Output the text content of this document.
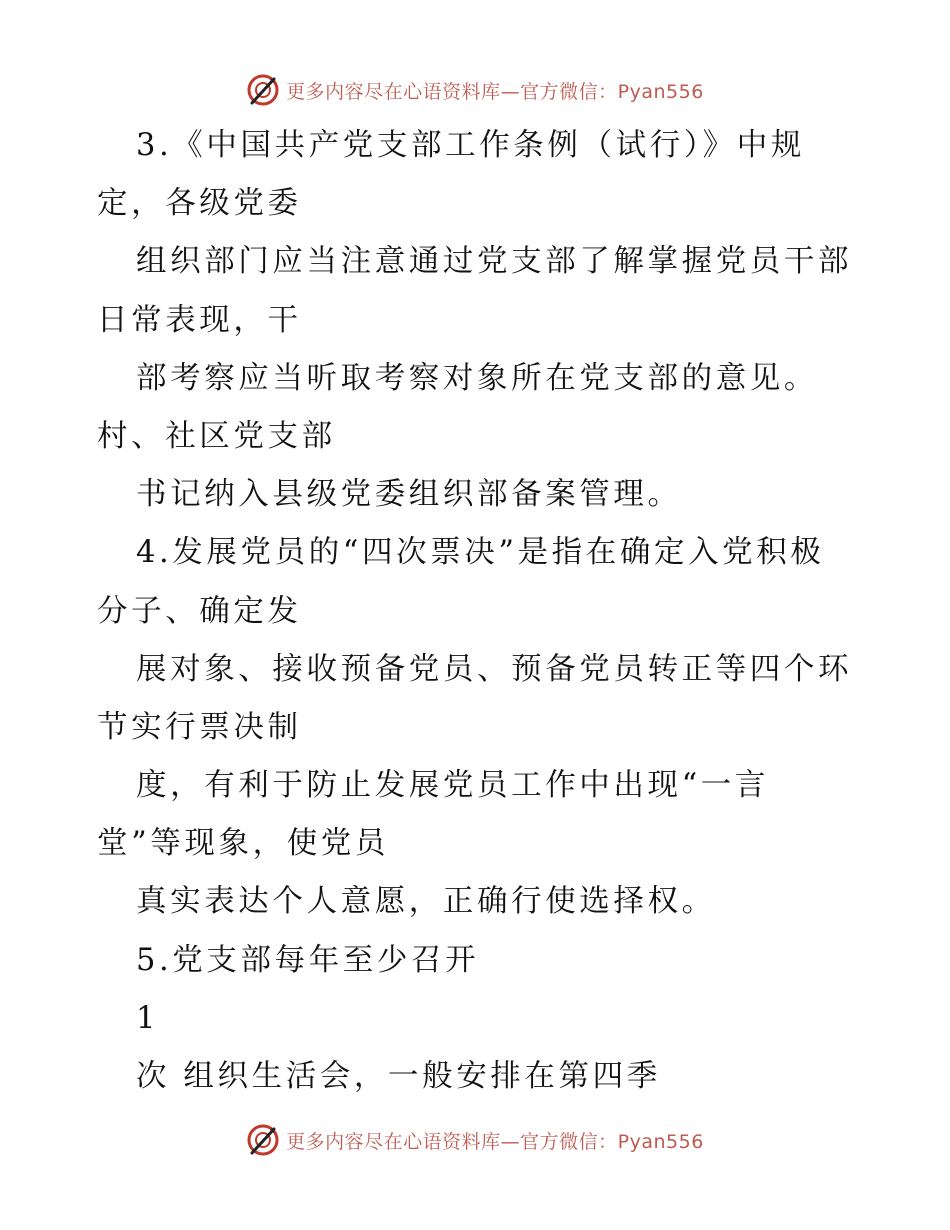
更多内容尽在心语资料库—官方微信：Pyan556
3.《中国共产党支部工作条例（试行）》中规
定，各级党委
组织部门应当注意通过党支部了解掌握党员干部
日常表现，干
部考察应当听取考察对象所在党支部的意见。
村、社区党支部
书记纳入县级党委组织部备案管理。
4.发展党员的“四次票决”是指在确定入党积极
分子、确定发
展对象、接收预备党员、预备党员转正等四个环
节实行票决制
度，有利于防止发展党员工作中出现“一言
堂”等现象，使党员
真实表达个人意愿，正确行使选择权。
5.党支部每年至少召开
1
次 组织生活会，一般安排在第四季
更多内容尽在心语资料库—官方微信：Pyan556
